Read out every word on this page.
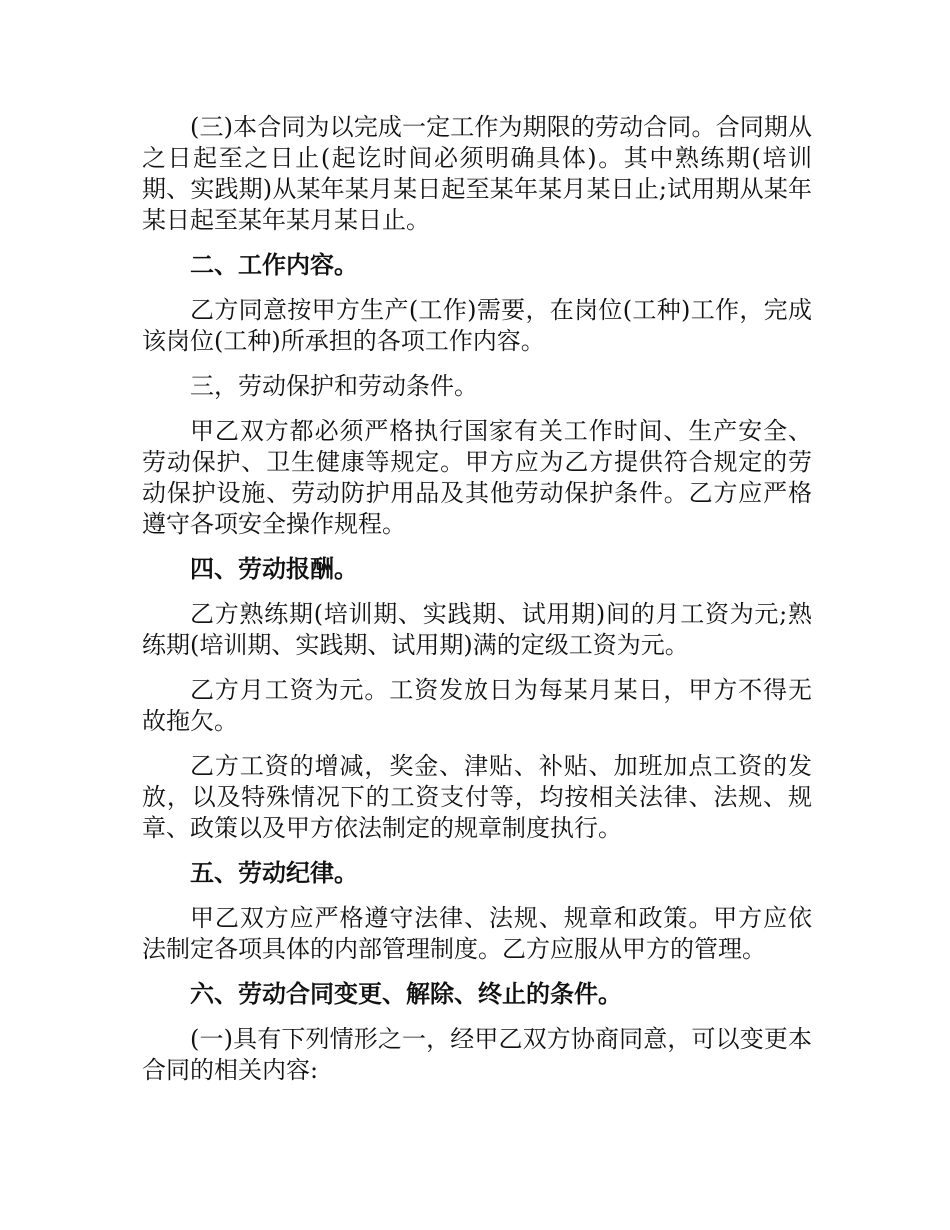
(三)本合同为以完成一定工作为期限的劳动合同。合同期从之日起至之日止(起讫时间必须明确具体)。其中熟练期(培训期、实践期)从某年某月某日起至某年某月某日止;试用期从某年某日起至某年某月某日止。

二、工作内容。

乙方同意按甲方生产(工作)需要，在岗位(工种)工作，完成该岗位(工种)所承担的各项工作内容。

三，劳动保护和劳动条件。

甲乙双方都必须严格执行国家有关工作时间、生产安全、劳动保护、卫生健康等规定。甲方应为乙方提供符合规定的劳动保护设施、劳动防护用品及其他劳动保护条件。乙方应严格遵守各项安全操作规程。

四、劳动报酬。

乙方熟练期(培训期、实践期、试用期)间的月工资为元;熟练期(培训期、实践期、试用期)满的定级工资为元。

乙方月工资为元。工资发放日为每某月某日，甲方不得无故拖欠。

乙方工资的增减，奖金、津贴、补贴、加班加点工资的发放，以及特殊情况下的工资支付等，均按相关法律、法规、规章、政策以及甲方依法制定的规章制度执行。

五、劳动纪律。

甲乙双方应严格遵守法律、法规、规章和政策。甲方应依法制定各项具体的内部管理制度。乙方应服从甲方的管理。

六、劳动合同变更、解除、终止的条件。

(一)具有下列情形之一，经甲乙双方协商同意，可以变更本合同的相关内容:
